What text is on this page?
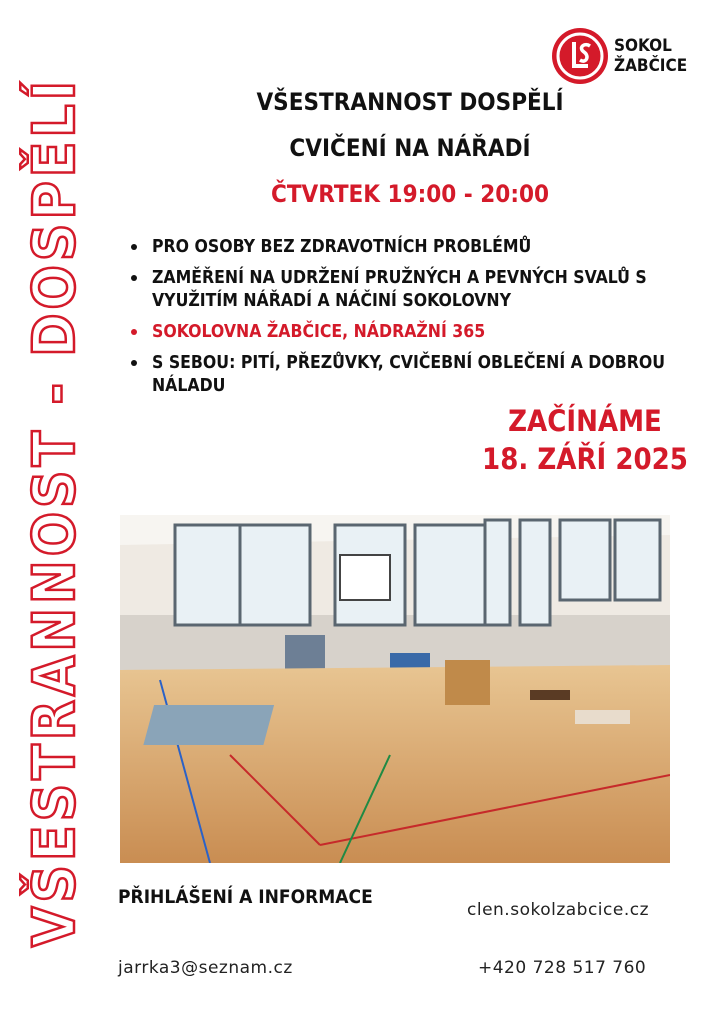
VŠESTRANNOST - DOSPĚLÍ
SOKOL
ŽABČICE
VŠESTRANNOST DOSPĚLÍ
CVIČENÍ NA NÁŘADÍ
ČTVRTEK 19:00 - 20:00
PRO OSOBY BEZ ZDRAVOTNÍCH PROBLÉMŮ
ZAMĚŘENÍ NA UDRŽENÍ PRUŽNÝCH A PEVNÝCH SVALŮ S VYUŽITÍM NÁŘADÍ A NÁČINÍ SOKOLOVNY
SOKOLOVNA ŽABČICE, NÁDRAŽNÍ 365
S SEBOU: PITÍ, PŘEZŮVKY, CVIČEBNÍ OBLEČENÍ A DOBROU NÁLADU
ZAČÍNÁME
18. ZÁŘÍ 2025
PŘIHLÁŠENÍ A INFORMACE
clen.sokolzabcice.cz
jarrka3@seznam.cz	+420 728 517 760
